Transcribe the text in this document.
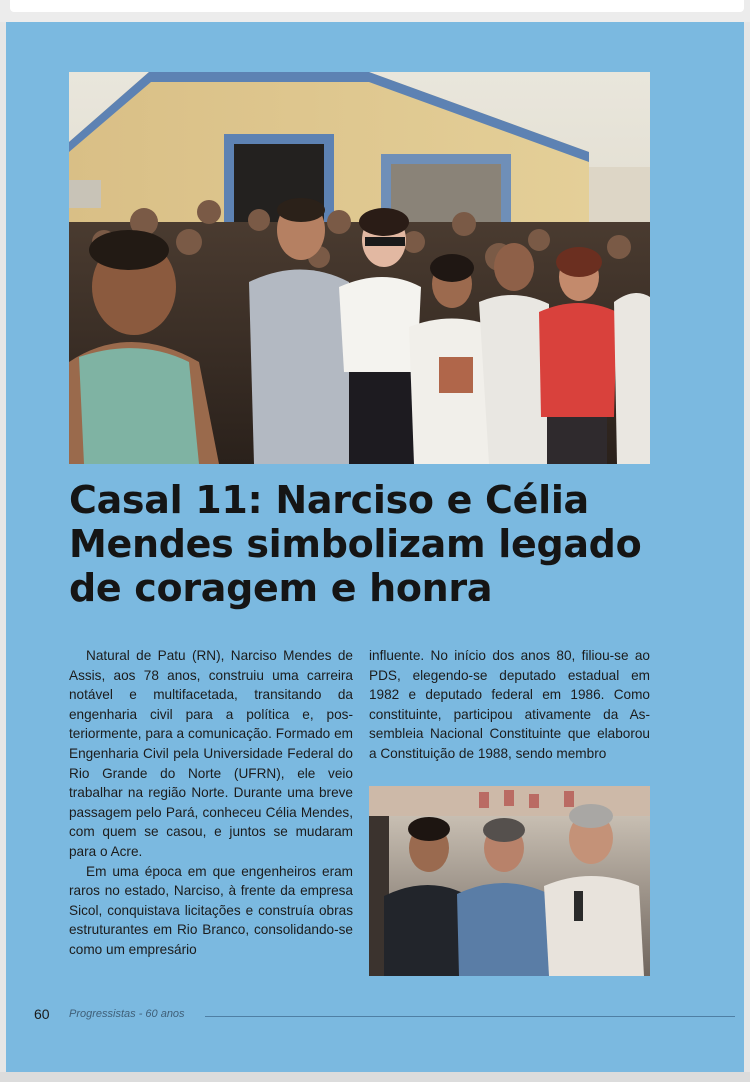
Casal 11: Narciso e Célia Mendes simbolizam legado de coragem e honra

Natural de Patu (RN), Narciso Mendes de Assis, aos 78 anos, construiu uma carreira notável e multifacetada, transitando da engenharia civil para a política e, posteriormente, para a comunicação. Formado em Engenharia Civil pela Universidade Federal do Rio Grande do Norte (UFRN), ele veio trabalhar na região Norte. Durante uma breve passagem pelo Pará, conheceu Célia Mendes, com quem se casou, e juntos se mudaram para o Acre.

Em uma época em que engenheiros eram raros no estado, Narciso, à frente da empresa Sicol, conquistava licitações e construía obras estruturantes em Rio Branco, consolidando-se como um empresário

influente. No início dos anos 80, filiou-se ao PDS, elegendo-se deputado estadual em 1982 e deputado federal em 1986. Como constituinte, participou ativamente da Assembleia Nacional Constituinte que elaborou a Constituição de 1988, sendo membro

60 Progressistas - 60 anos
